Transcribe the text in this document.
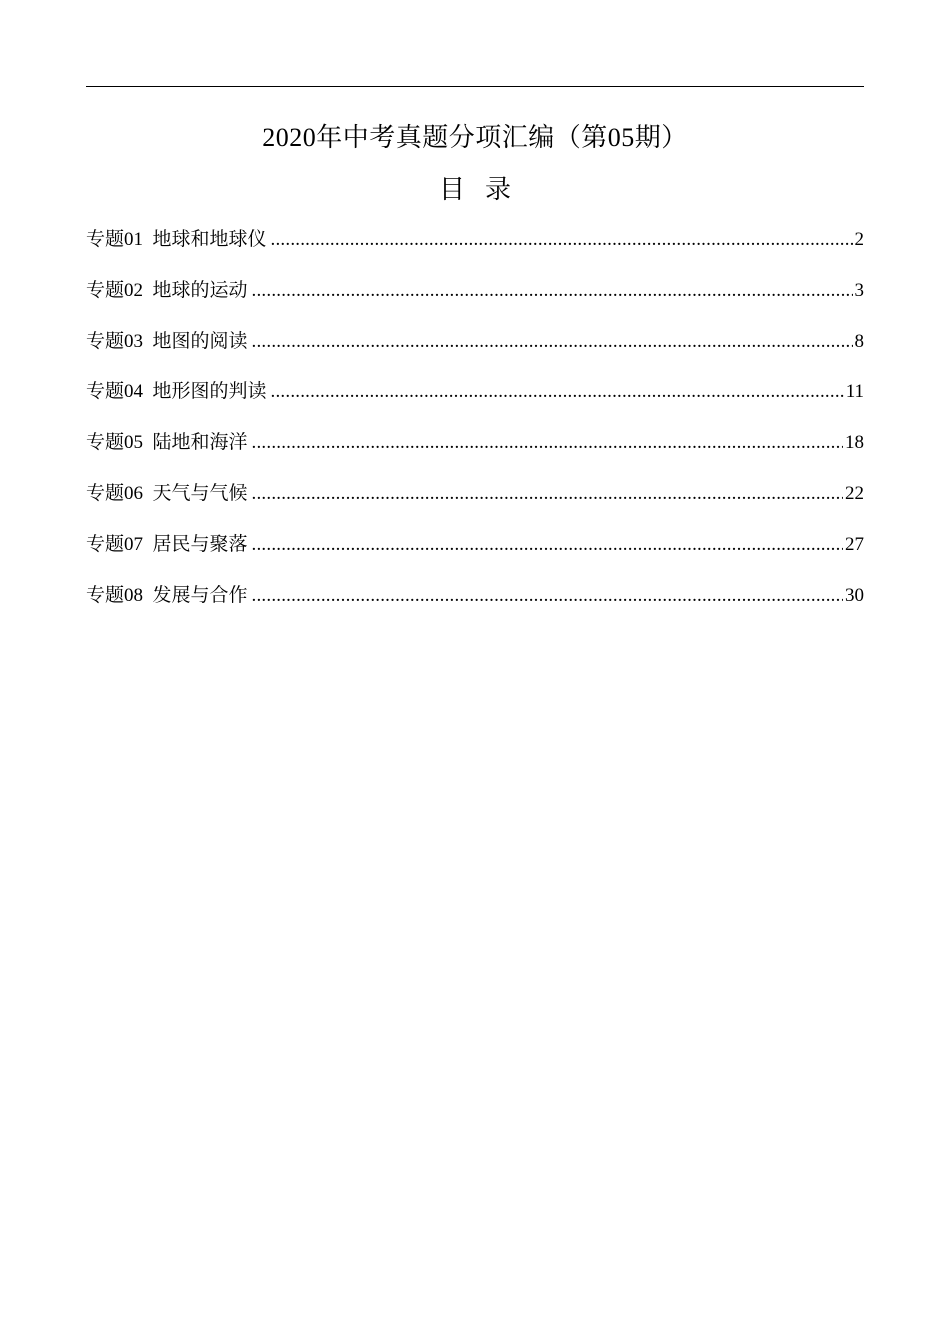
2020年中考真题分项汇编（第05期）
目录
专题01
地球和地球仪 .....	2
专题02
地球的运动 .....	3
专题03
地图的阅读 .....	8
专题04
地形图的判读 .....	11
专题05
陆地和海洋 .....	18
专题06
天气与气候 .....	22
专题07
居民与聚落 .....	27
专题08
发展与合作 .....	30
